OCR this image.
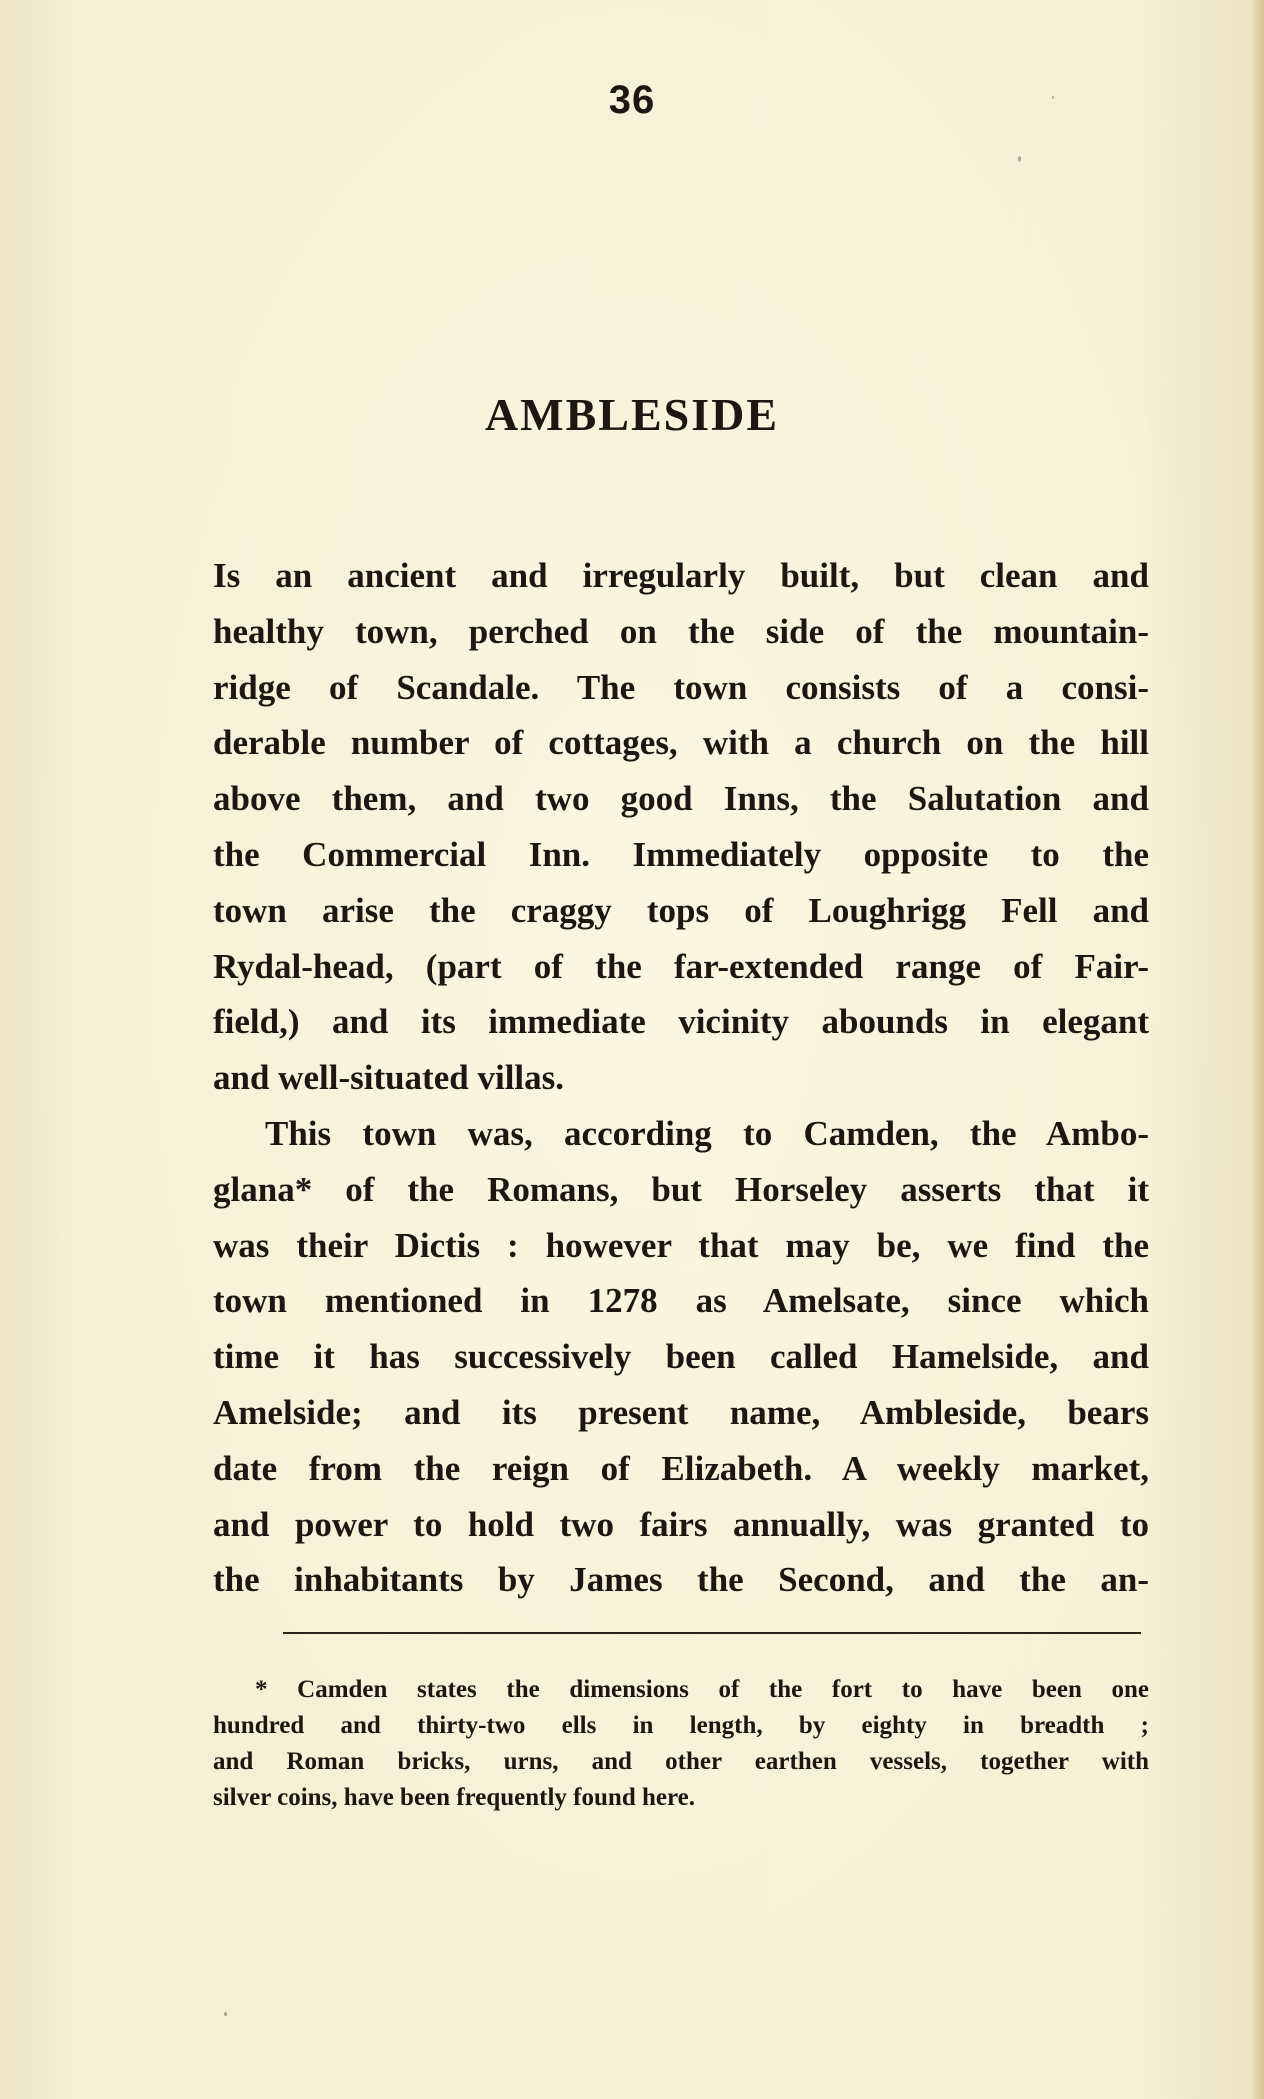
36
AMBLESIDE
Is an ancient and irregularly built, but clean and
healthy town, perched on the side of the mountain-
ridge of Scandale. The town consists of a consi-
derable number of cottages, with a church on the hill
above them, and two good Inns, the Salutation and
the Commercial Inn. Immediately opposite to the
town arise the craggy tops of Loughrigg Fell and
Rydal-head, (part of the far-extended range of Fair-
field,) and its immediate vicinity abounds in elegant
and well-situated villas.
This town was, according to Camden, the Ambo-
glana* of the Romans, but Horseley asserts that it
was their Dictis : however that may be, we find the
town mentioned in 1278 as Amelsate, since which
time it has successively been called Hamelside, and
Amelside; and its present name, Ambleside, bears
date from the reign of Elizabeth. A weekly market,
and power to hold two fairs annually, was granted to
the inhabitants by James the Second, and the an-
* Camden states the dimensions of the fort to have been one
hundred and thirty-two ells in length, by eighty in breadth ;
and Roman bricks, urns, and other earthen vessels, together with
silver coins, have been frequently found here.
